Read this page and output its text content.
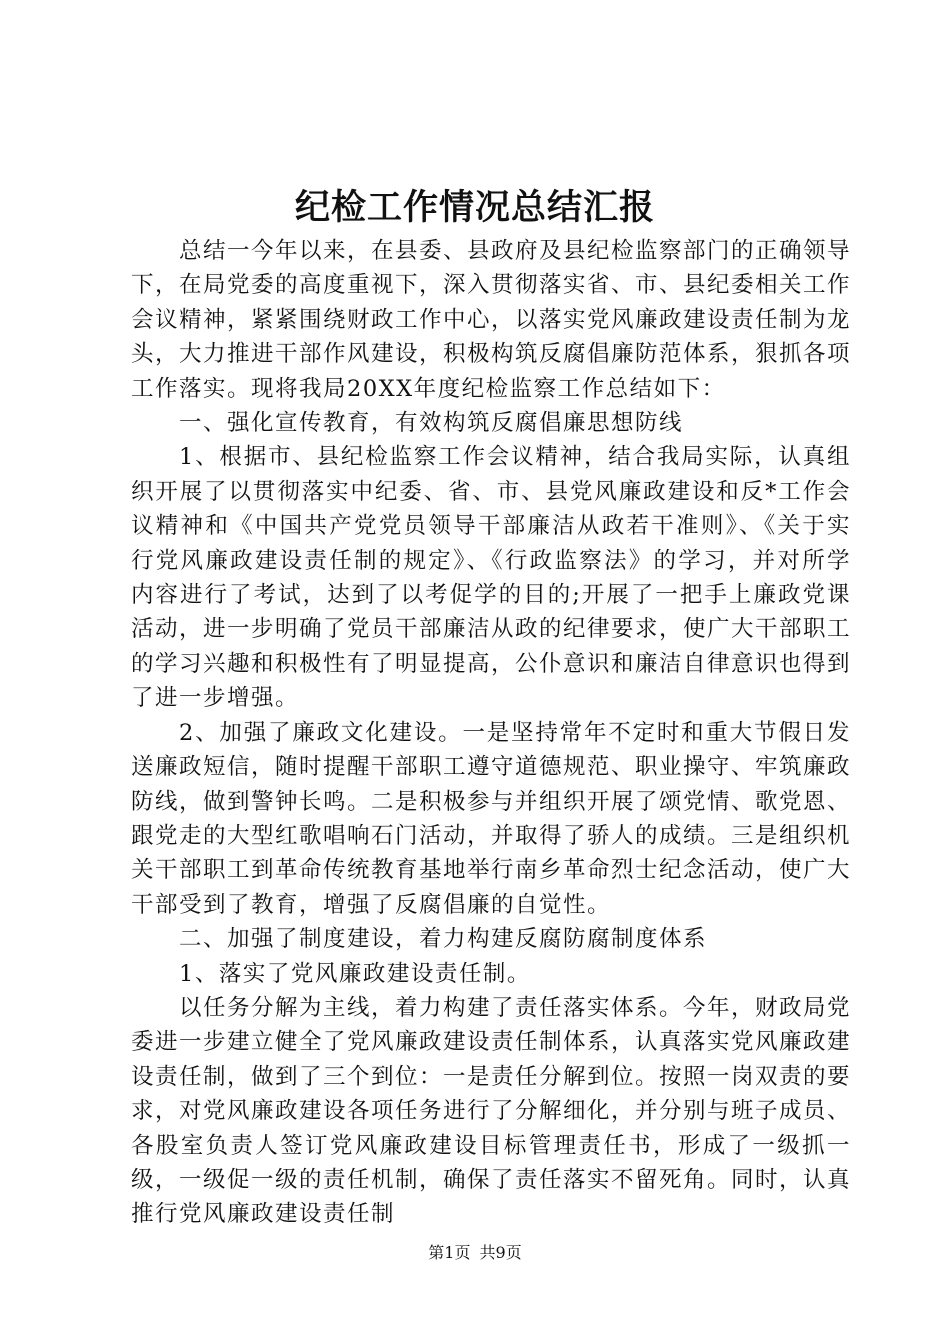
纪检工作情况总结汇报

总结一今年以来，在县委、县政府及县纪检监察部门的正确领导下，在局党委的高度重视下，深入贯彻落实省、市、县纪委相关工作会议精神，紧紧围绕财政工作中心，以落实党风廉政建设责任制为龙头，大力推进干部作风建设，积极构筑反腐倡廉防范体系，狠抓各项工作落实。现将我局20XX年度纪检监察工作总结如下：

一、强化宣传教育，有效构筑反腐倡廉思想防线

1、根据市、县纪检监察工作会议精神，结合我局实际，认真组织开展了以贯彻落实中纪委、省、市、县党风廉政建设和反*工作会议精神和《中国共产党党员领导干部廉洁从政若干准则》、《关于实行党风廉政建设责任制的规定》、《行政监察法》的学习，并对所学内容进行了考试，达到了以考促学的目的;开展了一把手上廉政党课活动，进一步明确了党员干部廉洁从政的纪律要求，使广大干部职工的学习兴趣和积极性有了明显提高，公仆意识和廉洁自律意识也得到了进一步增强。

2、加强了廉政文化建设。一是坚持常年不定时和重大节假日发送廉政短信，随时提醒干部职工遵守道德规范、职业操守、牢筑廉政防线，做到警钟长鸣。二是积极参与并组织开展了颂党情、歌党恩、跟党走的大型红歌唱响石门活动，并取得了骄人的成绩。三是组织机关干部职工到革命传统教育基地举行南乡革命烈士纪念活动，使广大干部受到了教育，增强了反腐倡廉的自觉性。

二、加强了制度建设，着力构建反腐防腐制度体系

1、落实了党风廉政建设责任制。

以任务分解为主线，着力构建了责任落实体系。今年，财政局党委进一步建立健全了党风廉政建设责任制体系，认真落实党风廉政建设责任制，做到了三个到位：一是责任分解到位。按照一岗双责的要求，对党风廉政建设各项任务进行了分解细化，并分别与班子成员、各股室负责人签订党风廉政建设目标管理责任书，形成了一级抓一级，一级促一级的责任机制，确保了责任落实不留死角。同时，认真推行党风廉政建设责任制

第1页 共9页
